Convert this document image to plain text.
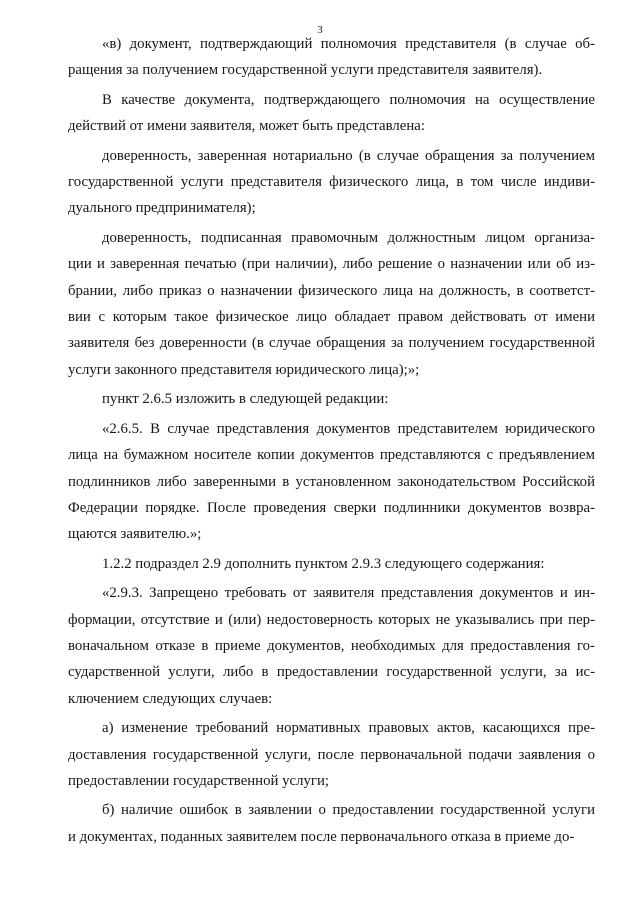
3
«в) документ, подтверждающий полномочия представителя (в случае об-
ращения за получением государственной услуги представителя заявителя).
В качестве документа, подтверждающего полномочия на осуществление
действий от имени заявителя, может быть представлена:
доверенность, заверенная нотариально (в случае обращения за получением
государственной услуги представителя физического лица, в том числе индиви-
дуального предпринимателя);
доверенность, подписанная правомочным должностным лицом организа-
ции и заверенная печатью (при наличии), либо решение о назначении или об из-
брании, либо приказ о назначении физического лица на должность, в соответст-
вии с которым такое физическое лицо обладает правом действовать от имени
заявителя без доверенности (в случае обращения за получением государственной
услуги законного представителя юридического лица);»;
пункт 2.6.5 изложить в следующей редакции:
«2.6.5. В случае представления документов представителем юридического
лица на бумажном носителе копии документов представляются с предъявлением
подлинников либо заверенными в установленном законодательством Российской
Федерации порядке. После проведения сверки подлинники документов возвра-
щаются заявителю.»;
1.2.2 подраздел 2.9 дополнить пунктом 2.9.3 следующего содержания:
«2.9.3. Запрещено требовать от заявителя представления документов и ин-
формации, отсутствие и (или) недостоверность которых не указывались при пер-
воначальном отказе в приеме документов, необходимых для предоставления го-
сударственной услуги, либо в предоставлении государственной услуги, за ис-
ключением следующих случаев:
а) изменение требований нормативных правовых актов, касающихся пре-
доставления государственной услуги, после первоначальной подачи заявления о
предоставлении государственной услуги;
б) наличие ошибок в заявлении о предоставлении государственной услуги
и документах, поданных заявителем после первоначального отказа в приеме до-
